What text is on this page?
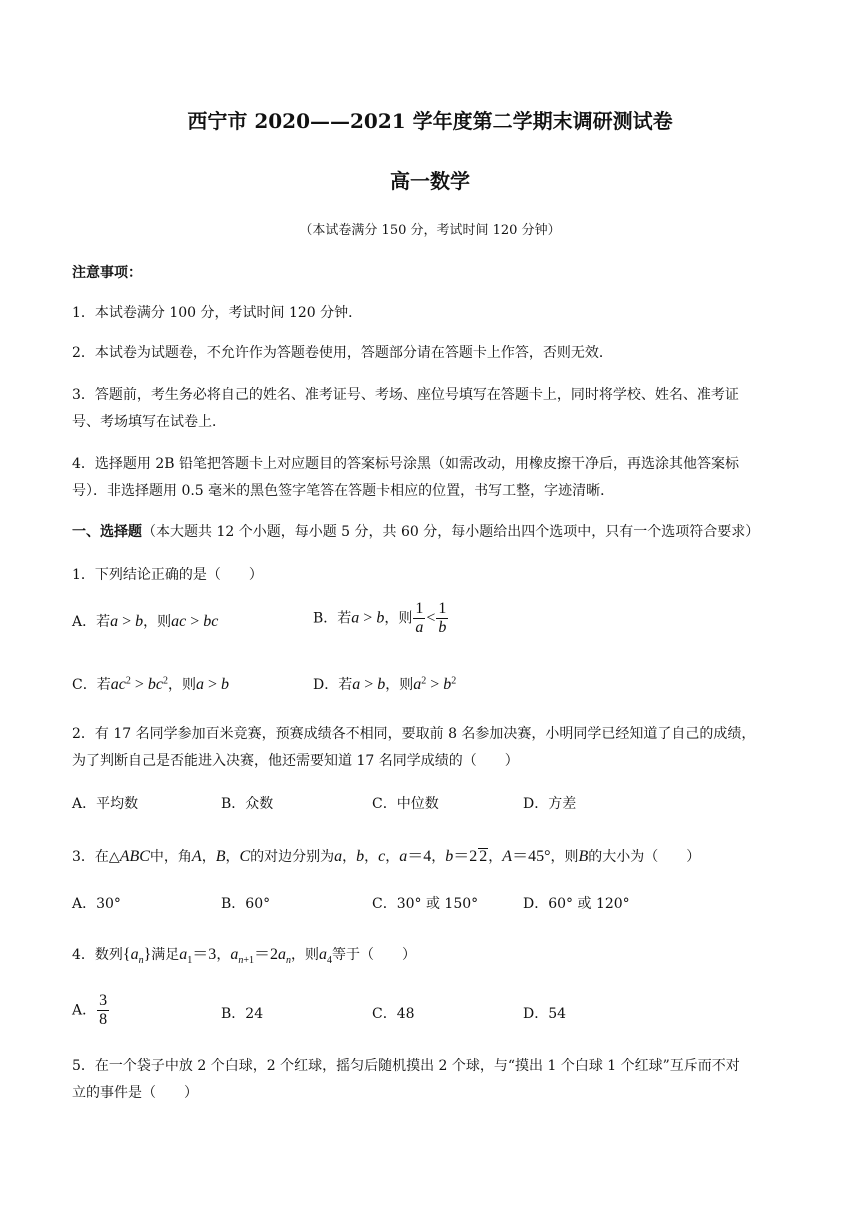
西宁市 2020——2021 学年度第二学期末调研测试卷
高一数学
（本试卷满分 150 分，考试时间 120 分钟）
注意事项：
1．本试卷满分 100 分，考试时间 120 分钟．
2．本试卷为试题卷，不允许作为答题卷使用，答题部分请在答题卡上作答，否则无效．
3．答题前，考生务必将自己的姓名、准考证号、考场、座位号填写在答题卡上，同时将学校、姓名、准考证
号、考场填写在试卷上．
4．选择题用 2B 铅笔把答题卡上对应题目的答案标号涂黑（如需改动，用橡皮擦干净后，再选涂其他答案标
号）．非选择题用 0.5 毫米的黑色签字笔答在答题卡相应的位置，书写工整，字迹清晰．
一、选择题（本大题共 12 个小题，每小题 5 分，共 60 分，每小题给出四个选项中，只有一个选项符合要求）
1．下列结论正确的是（　　）
A．若a > b，则ac > bc	B．若a > b，则 $\frac{1}{a} < \frac{1}{b}$
C．若$ac^2 > bc^2$，则a > b	D．若a > b，则$a^2 > b^2$
2．有 17 名同学参加百米竞赛，预赛成绩各不相同，要取前 8 名参加决赛，小明同学已经知道了自己的成绩，
为了判断自己是否能进入决赛，他还需要知道 17 名同学成绩的（　　）
A．平均数	B．众数	C．中位数	D．方差
3．在△ABC中，角A，B，C的对边分别为a，b，c，a＝4，b＝2 2，A＝45°，则B的大小为（　　）
A．30°	B．60°	C．30° 或 150°	D．60° 或 120°
4．数列$\{a_n\}$满足$a_1=3$，$a_{n+1}=2a_n$，则$a_4$等于（　　）
A． $\frac{3}{8}$	B．24	C．48	D．54
5．在一个袋子中放 2 个白球，2 个红球，摇匀后随机摸出 2 个球，与“摸出 1 个白球 1 个红球”互斥而不对
立的事件是（　　）
